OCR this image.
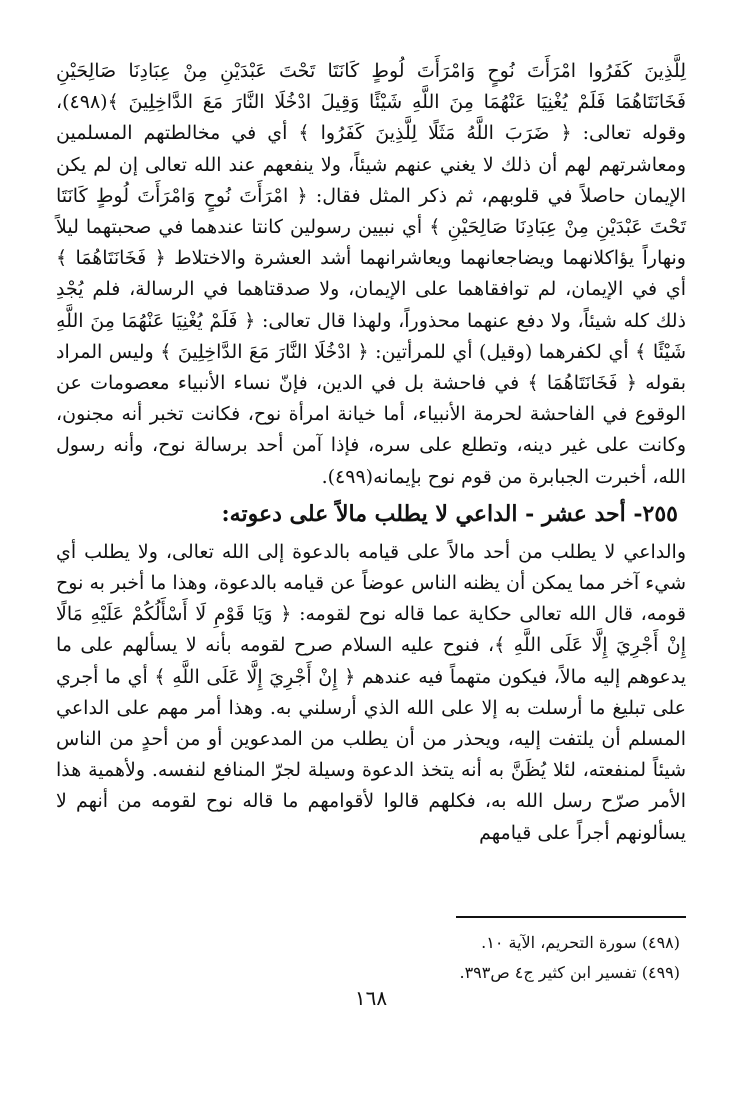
لِلَّذِينَ كَفَرُوا امْرَأَتَ نُوحٍ وَامْرَأَتَ لُوطٍ كَانَتَا تَحْتَ عَبْدَيْنِ مِنْ عِبَادِنَا صَالِحَيْنِ فَخَانَتَاهُمَا فَلَمْ يُغْنِيَا عَنْهُمَا مِنَ اللَّهِ شَيْئًا وَقِيلَ ادْخُلَا النَّارَ مَعَ الدَّاخِلِينَ ﴾(٤٩٨)، وقوله تعالى: ﴿ ضَرَبَ اللَّهُ مَثَلًا لِلَّذِينَ كَفَرُوا ﴾ أي في مخالطتهم المسلمين ومعاشرتهم لهم أن ذلك لا يغني عنهم شيئاً، ولا ينفعهم عند الله تعالى إن لم يكن الإيمان حاصلاً في قلوبهم، ثم ذكر المثل فقال: ﴿ امْرَأَتَ نُوحٍ وَامْرَأَتَ لُوطٍ كَانَتَا تَحْتَ عَبْدَيْنِ مِنْ عِبَادِنَا صَالِحَيْنِ ﴾ أي نبيين رسولين كانتا عندهما في صحبتهما ليلاً ونهاراً يؤاكلانهما ويضاجعانهما ويعاشرانهما أشد العشرة والاختلاط ﴿ فَخَانَتَاهُمَا ﴾ أي في الإيمان، لم توافقاهما على الإيمان، ولا صدقتاهما في الرسالة، فلم يُجْدِ ذلك كله شيئاً، ولا دفع عنهما محذوراً، ولهذا قال تعالى: ﴿ فَلَمْ يُغْنِيَا عَنْهُمَا مِنَ اللَّهِ شَيْئًا ﴾ أي لكفرهما (وقيل) أي للمرأتين: ﴿ ادْخُلَا النَّارَ مَعَ الدَّاخِلِينَ ﴾ وليس المراد بقوله ﴿ فَخَانَتَاهُمَا ﴾ في فاحشة بل في الدين، فإنّ نساء الأنبياء معصومات عن الوقوع في الفاحشة لحرمة الأنبياء، أما خيانة امرأة نوح، فكانت تخبر أنه مجنون، وكانت على غير دينه، وتطلع على سره، فإذا آمن أحد برسالة نوح، وأنه رسول الله، أخبرت الجبابرة من قوم نوح بإيمانه(٤٩٩).

٢٥٥- أحد عشر - الداعي لا يطلب مالاً على دعوته:

والداعي لا يطلب من أحد مالاً على قيامه بالدعوة إلى الله تعالى، ولا يطلب أي شيء آخر مما يمكن أن يظنه الناس عوضاً عن قيامه بالدعوة، وهذا ما أخبر به نوح قومه، قال الله تعالى حكاية عما قاله نوح لقومه: ﴿ وَيَا قَوْمِ لَا أَسْأَلُكُمْ عَلَيْهِ مَالًا إِنْ أَجْرِيَ إِلَّا عَلَى اللَّهِ ﴾، فنوح عليه السلام صرح لقومه بأنه لا يسألهم على ما يدعوهم إليه مالاً، فيكون متهماً فيه عندهم ﴿ إِنْ أَجْرِيَ إِلَّا عَلَى اللَّهِ ﴾ أي ما أجري على تبليغ ما أرسلت به إلا على الله الذي أرسلني به. وهذا أمر مهم على الداعي المسلم أن يلتفت إليه، ويحذر من أن يطلب من المدعوين أو من أحدٍ من الناس شيئاً لمنفعته، لئلا يُظَنَّ به أنه يتخذ الدعوة وسيلة لجرّ المنافع لنفسه. ولأهمية هذا الأمر صرّح رسل الله به، فكلهم قالوا لأقوامهم ما قاله نوح لقومه من أنهم لا يسألونهم أجراً على قيامهم

(٤٩٨) سورة التحريم، الآية ١٠.

(٤٩٩) تفسير ابن كثير ج٤ ص٣٩٣.

١٦٨
